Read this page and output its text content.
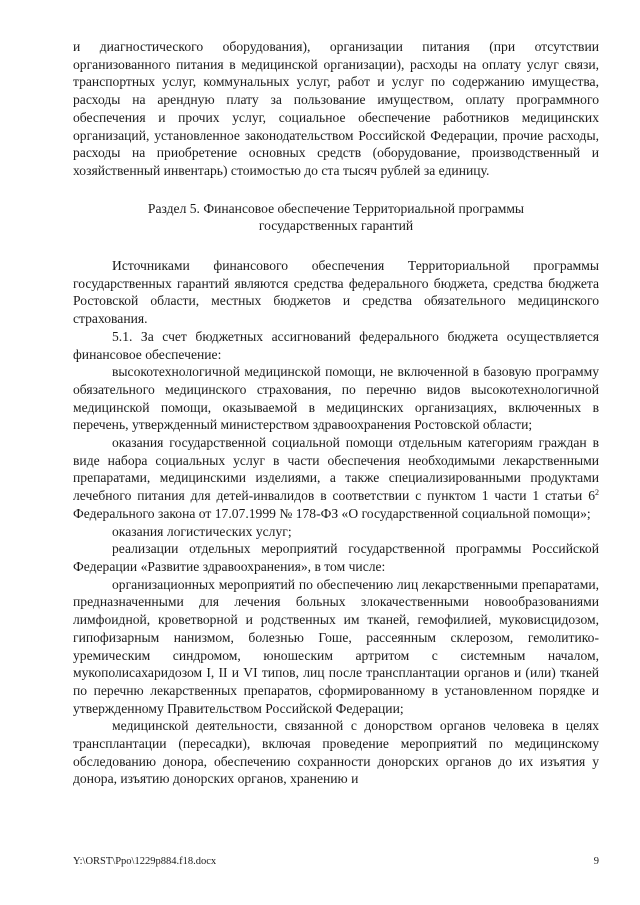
и диагностического оборудования), организации питания (при отсутствии организованного питания в медицинской организации), расходы на оплату услуг связи, транспортных услуг, коммунальных услуг, работ и услуг по содержанию имущества, расходы на арендную плату за пользование имуществом, оплату программного обеспечения и прочих услуг, социальное обеспечение работников медицинских организаций, установленное законодательством Российской Федерации, прочие расходы, расходы на приобретение основных средств (оборудование, производственный и хозяйственный инвентарь) стоимостью до ста тысяч рублей за единицу.

Раздел 5. Финансовое обеспечение Территориальной программы
государственных гарантий

Источниками финансового обеспечения Территориальной программы государственных гарантий являются средства федерального бюджета, средства бюджета Ростовской области, местных бюджетов и средства обязательного медицинского страхования.

5.1. За счет бюджетных ассигнований федерального бюджета осуществляется финансовое обеспечение:

высокотехнологичной медицинской помощи, не включенной в базовую программу обязательного медицинского страхования, по перечню видов высокотехнологичной медицинской помощи, оказываемой в медицинских организациях, включенных в перечень, утвержденный министерством здравоохранения Ростовской области;

оказания государственной социальной помощи отдельным категориям граждан в виде набора социальных услуг в части обеспечения необходимыми лекарственными препаратами, медицинскими изделиями, а также специализированными продуктами лечебного питания для детей-инвалидов в соответствии с пунктом 1 части 1 статьи $6^2$ Федерального закона от 17.07.1999 № 178-ФЗ «О государственной социальной помощи»;

оказания логистических услуг;

реализации отдельных мероприятий государственной программы Российской Федерации «Развитие здравоохранения», в том числе:

организационных мероприятий по обеспечению лиц лекарственными препаратами, предназначенными для лечения больных злокачественными новообразованиями лимфоидной, кроветворной и родственных им тканей, гемофилией, муковисцидозом, гипофизарным нанизмом, болезнью Гоше, рассеянным склерозом, гемолитико-уремическим синдромом, юношеским артритом с системным началом, мукополисахаридозом I, II и VI типов, лиц после трансплантации органов и (или) тканей по перечню лекарственных препаратов, сформированному в установленном порядке и утвержденному Правительством Российской Федерации;

медицинской деятельности, связанной с донорством органов человека в целях трансплантации (пересадки), включая проведение мероприятий по медицинскому обследованию донора, обеспечению сохранности донорских органов до их изъятия у донора, изъятию донорских органов, хранению и

Y:\ORST\Ppo\1229p884.f18.docx	9
